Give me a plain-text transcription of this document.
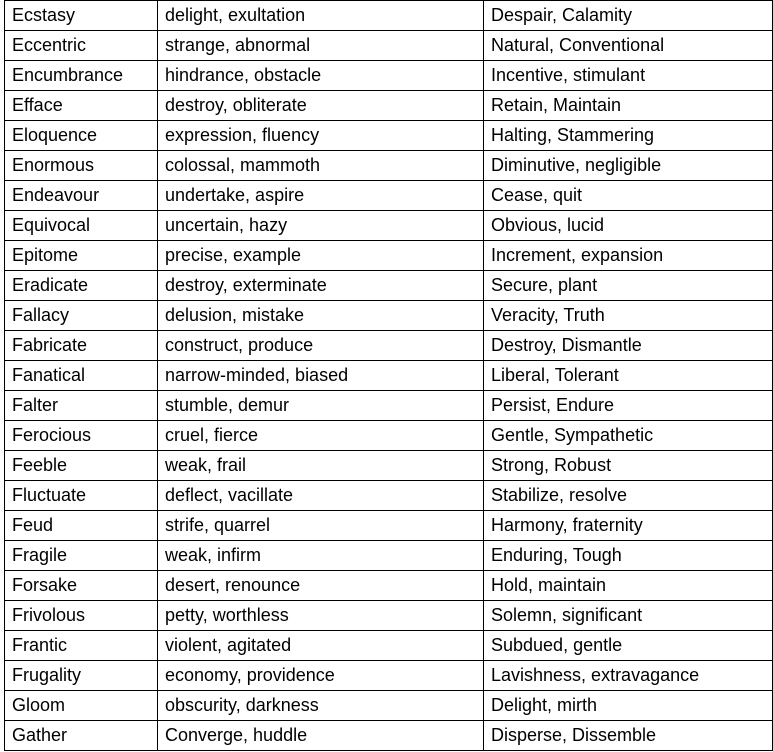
Ecstasy	delight, exultation	Despair, Calamity
Eccentric	strange, abnormal	Natural, Conventional
Encumbrance	hindrance, obstacle	Incentive, stimulant
Efface	destroy, obliterate	Retain, Maintain
Eloquence	expression, fluency	Halting, Stammering
Enormous	colossal, mammoth	Diminutive, negligible
Endeavour	undertake, aspire	Cease, quit
Equivocal	uncertain, hazy	Obvious, lucid
Epitome	precise, example	Increment, expansion
Eradicate	destroy, exterminate	Secure, plant
Fallacy	delusion, mistake	Veracity, Truth
Fabricate	construct, produce	Destroy, Dismantle
Fanatical	narrow-minded, biased	Liberal, Tolerant
Falter	stumble, demur	Persist, Endure
Ferocious	cruel, fierce	Gentle, Sympathetic
Feeble	weak, frail	Strong, Robust
Fluctuate	deflect, vacillate	Stabilize, resolve
Feud	strife, quarrel	Harmony, fraternity
Fragile	weak, infirm	Enduring, Tough
Forsake	desert, renounce	Hold, maintain
Frivolous	petty, worthless	Solemn, significant
Frantic	violent, agitated	Subdued, gentle
Frugality	economy, providence	Lavishness, extravagance
Gloom	obscurity, darkness	Delight, mirth
Gather	Converge, huddle	Disperse, Dissemble
